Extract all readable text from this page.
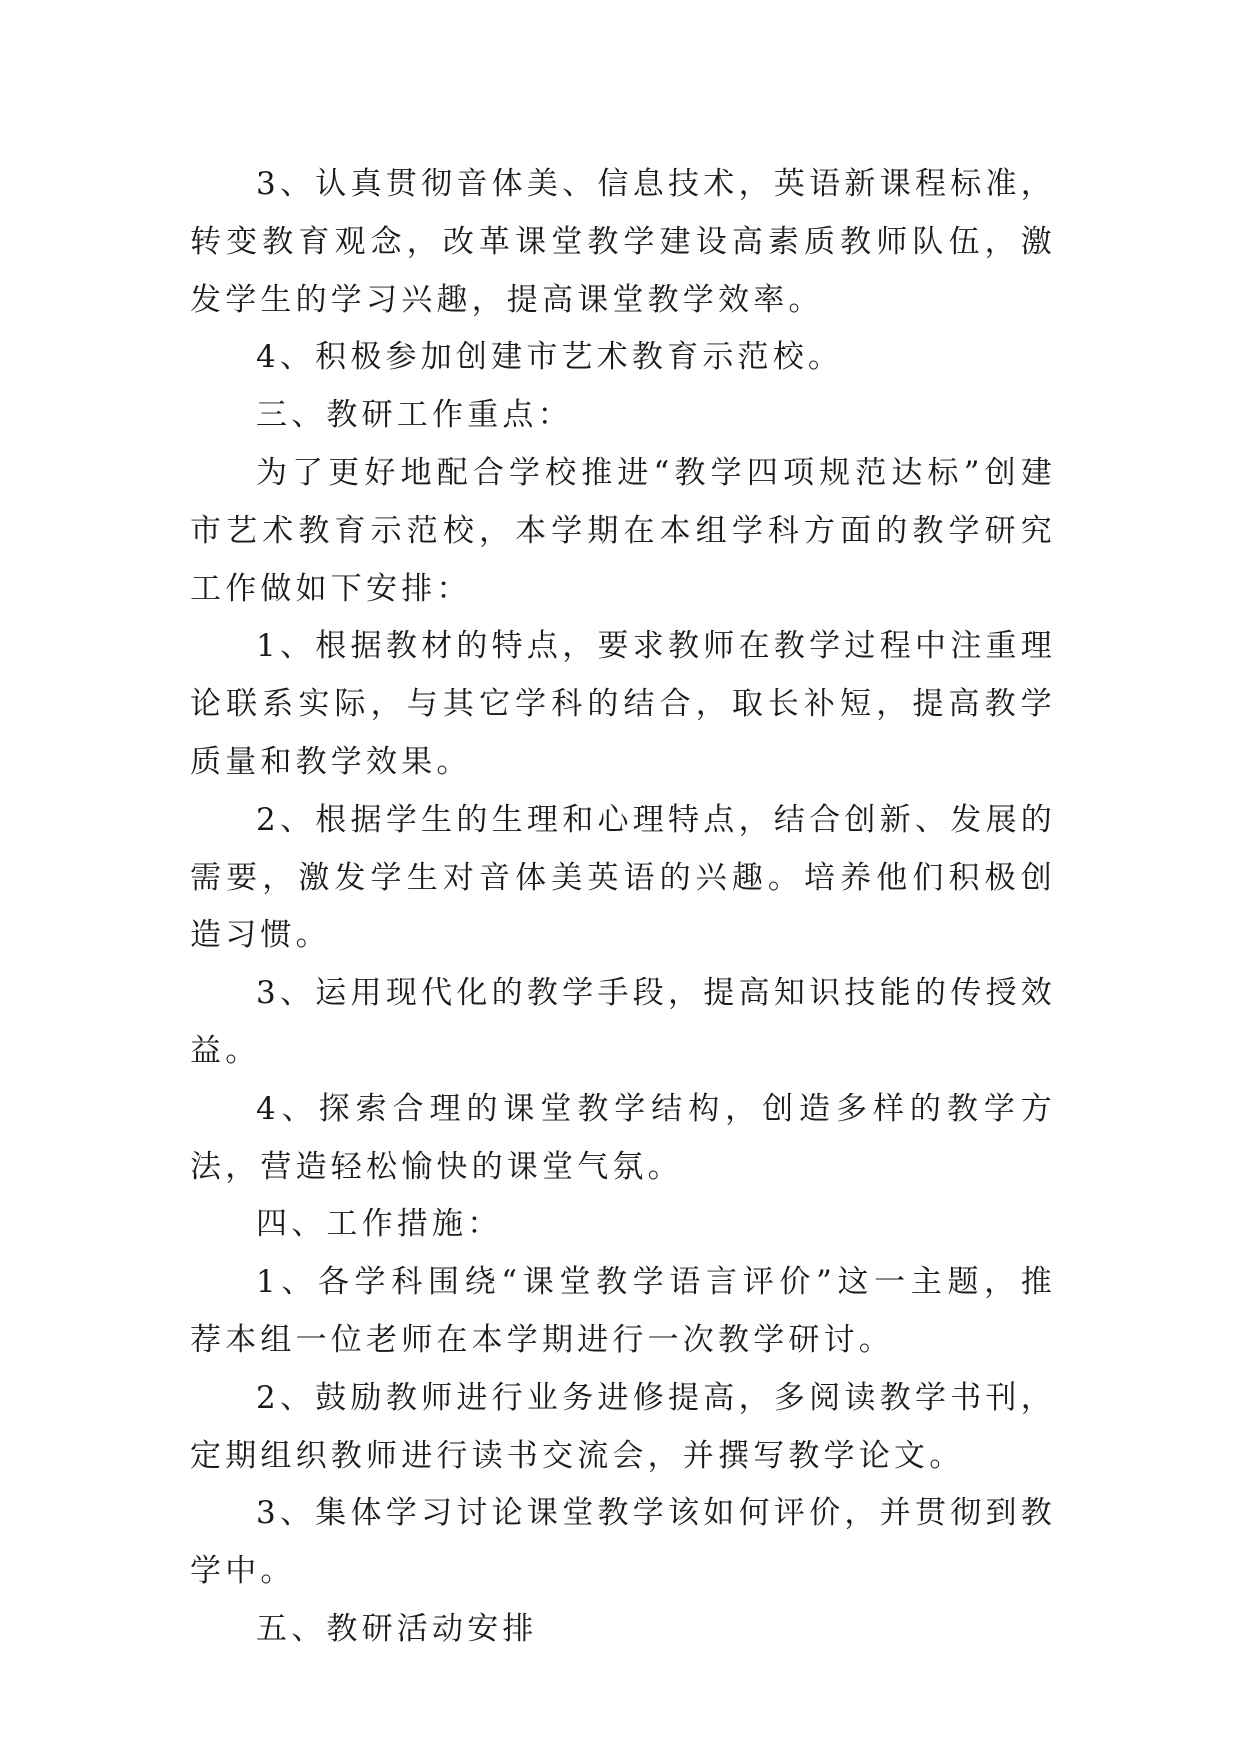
3、认真贯彻音体美、信息技术，英语新课程标准，转变教育观念，改革课堂教学建设高素质教师队伍，激发学生的学习兴趣，提高课堂教学效率。

4、积极参加创建市艺术教育示范校。

三、教研工作重点：

为了更好地配合学校推进“教学四项规范达标”创建市艺术教育示范校，本学期在本组学科方面的教学研究工作做如下安排：

1、根据教材的特点，要求教师在教学过程中注重理论联系实际，与其它学科的结合，取长补短，提高教学质量和教学效果。

2、根据学生的生理和心理特点，结合创新、发展的需要，激发学生对音体美英语的兴趣。培养他们积极创造习惯。

3、运用现代化的教学手段，提高知识技能的传授效益。

4、探索合理的课堂教学结构，创造多样的教学方法，营造轻松愉快的课堂气氛。

四、工作措施：

1、各学科围绕“课堂教学语言评价”这一主题，推荐本组一位老师在本学期进行一次教学研讨。

2、鼓励教师进行业务进修提高，多阅读教学书刊，定期组织教师进行读书交流会，并撰写教学论文。

3、集体学习讨论课堂教学该如何评价，并贯彻到教学中。

五、教研活动安排
